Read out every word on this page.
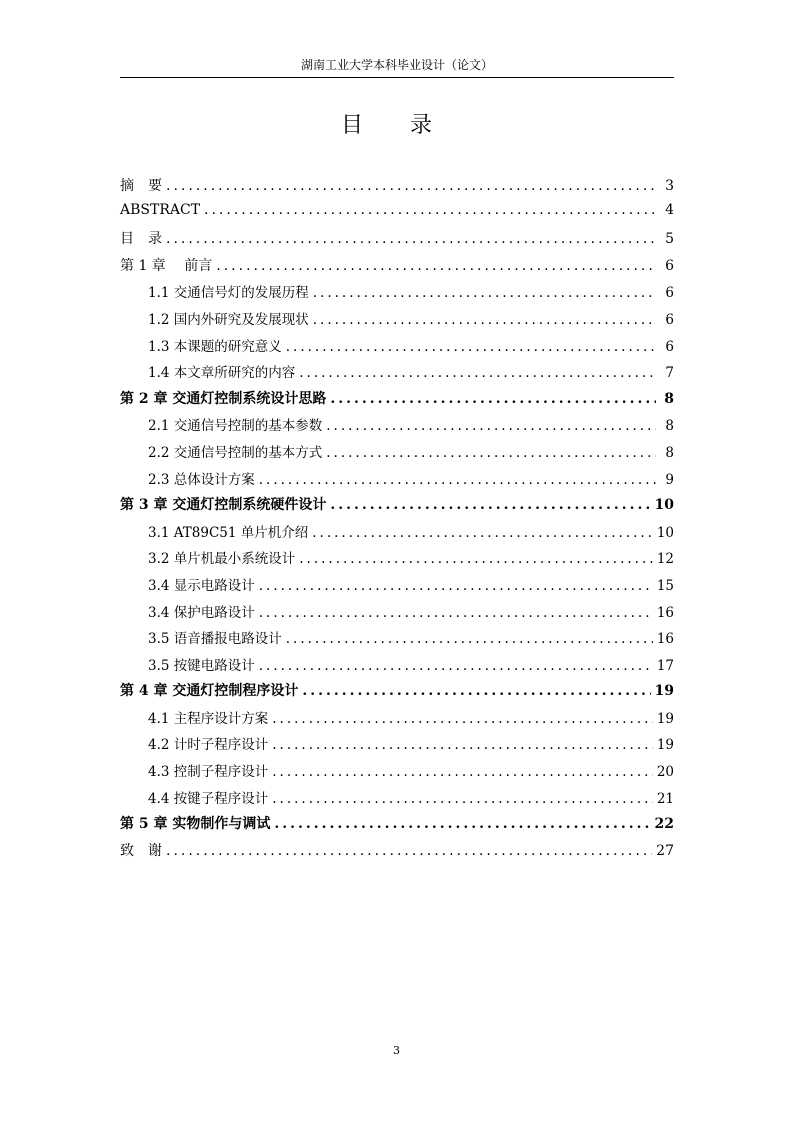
湖南工业大学本科毕业设计（论文）
目 录
摘　要 .....	3
ABSTRACT .....	4
目　录 .....	5
第 1 章　 前言 .....	6
1.1 交通信号灯的发展历程 .....	6
1.2 国内外研究及发展现状 .....	6
1.3 本课题的研究意义 .....	6
1.4 本文章所研究的内容 .....	7
第 2 章 交通灯控制系统设计思路 .....	8
2.1 交通信号控制的基本参数 .....	8
2.2 交通信号控制的基本方式 .....	8
2.3 总体设计方案 .....	9
第 3 章 交通灯控制系统硬件设计 .....	10
3.1 AT89C51 单片机介绍 .....	10
3.2 单片机最小系统设计 .....	12
3.4 显示电路设计 .....	15
3.4 保护电路设计 .....	16
3.5 语音播报电路设计 .....	16
3.5 按键电路设计 .....	17
第 4 章 交通灯控制程序设计 .....	19
4.1 主程序设计方案 .....	19
4.2 计时子程序设计 .....	19
4.3 控制子程序设计 .....	20
4.4 按键子程序设计 .....	21
第 5 章 实物制作与调试 .....	22
致　谢 .....	27
3
